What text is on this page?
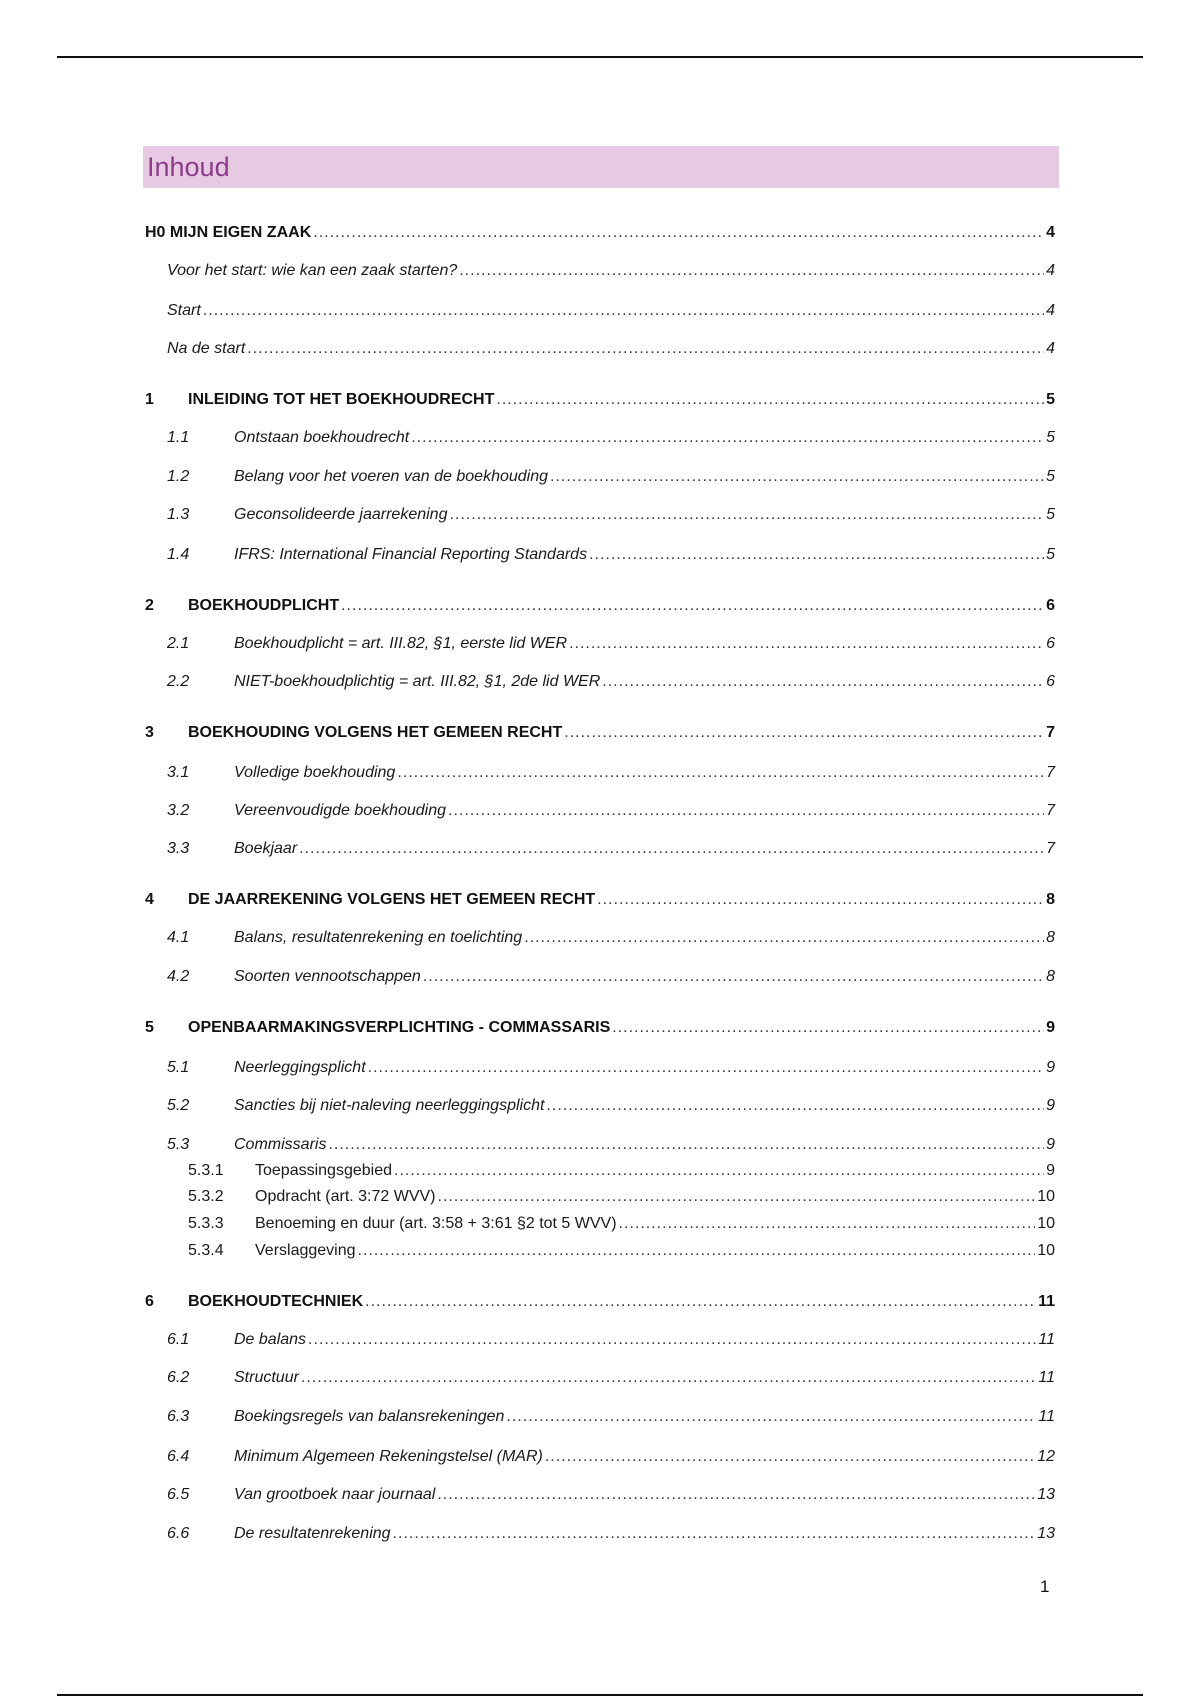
Inhoud
H0 MIJN EIGEN ZAAK .....	4
Voor het start: wie kan een zaak starten? .....	4
Start .....	4
Na de start .....	4
1	INLEIDING TOT HET BOEKHOUDRECHT .....	5
1.1	Ontstaan boekhoudrecht .....	5
1.2	Belang voor het voeren van de boekhouding .....	5
1.3	Geconsolideerde jaarrekening .....	5
1.4	IFRS: International Financial Reporting Standards .....	5
2	BOEKHOUDPLICHT .....	6
2.1	Boekhoudplicht = art. III.82, §1, eerste lid WER .....	6
2.2	NIET-boekhoudplichtig = art. III.82, §1, 2de lid WER .....	6
3	BOEKHOUDING VOLGENS HET GEMEEN RECHT .....	7
3.1	Volledige boekhouding .....	7
3.2	Vereenvoudigde boekhouding .....	7
3.3	Boekjaar .....	7
4	DE JAARREKENING VOLGENS HET GEMEEN RECHT .....	8
4.1	Balans, resultatenrekening en toelichting .....	8
4.2	Soorten vennootschappen .....	8
5	OPENBAARMAKINGSVERPLICHTING - COMMASSARIS .....	9
5.1	Neerleggingsplicht .....	9
5.2	Sancties bij niet-naleving neerleggingsplicht .....	9
5.3	Commissaris .....	9
5.3.1	Toepassingsgebied .....	9
5.3.2	Opdracht (art. 3:72 WVV) .....	10
5.3.3	Benoeming en duur (art. 3:58 + 3:61 §2 tot 5 WVV) .....	10
5.3.4	Verslaggeving .....	10
6	BOEKHOUDTECHNIEK .....	11
6.1	De balans .....	11
6.2	Structuur .....	11
6.3	Boekingsregels van balansrekeningen .....	11
6.4	Minimum Algemeen Rekeningstelsel (MAR) .....	12
6.5	Van grootboek naar journaal .....	13
6.6	De resultatenrekening .....	13
1
